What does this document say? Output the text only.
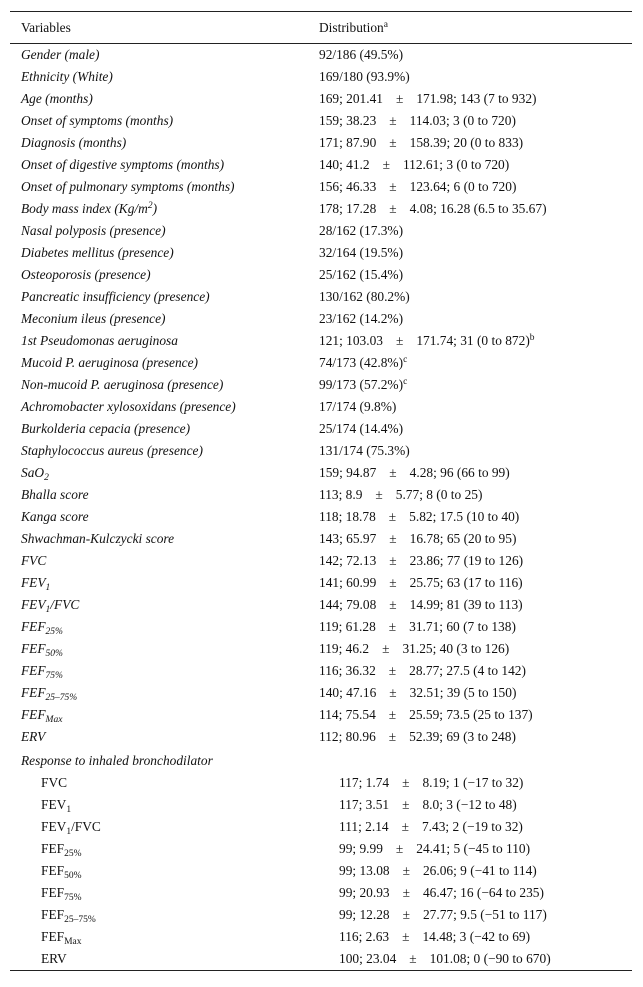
Variables	Distribution$^a$
Gender (male)	92/186 (49.5%)
Ethnicity (White)	169/180 (93.9%)
Age (months)	169; 201.41 ± 171.98; 143 (7 to 932)
Onset of symptoms (months)	159; 38.23 ± 114.03; 3 (0 to 720)
Diagnosis (months)	171; 87.90 ± 158.39; 20 (0 to 833)
Onset of digestive symptoms (months)	140; 41.2 ± 112.61; 3 (0 to 720)
Onset of pulmonary symptoms (months)	156; 46.33 ± 123.64; 6 (0 to 720)
Body mass index $(Kg/m^2)$	178; 17.28 ± 4.08; 16.28 (6.5 to 35.67)
Nasal polyposis (presence)	28/162 (17.3%)
Diabetes mellitus (presence)	32/164 (19.5%)
Osteoporosis (presence)	25/162 (15.4%)
Pancreatic insufficiency (presence)	130/162 (80.2%)
Meconium ileus (presence)	23/162 (14.2%)
1st Pseudomonas aeruginosa	121; 103.03 ± 171.74; 31 (0 to 872)$^b$
Mucoid P. aeruginosa (presence)	74/173 $(42.8\%)^c$
Non-mucoid P. aeruginosa (presence)	99/173 $(57.2\%)^c$
Achromobacter xylosoxidans (presence)	17/174 (9.8%)
Burkolderia cepacia (presence)	25/174 (14.4%)
Staphylococcus aureus (presence)	131/174 (75.3%)
SaO$_2$	159; 94.87 ± 4.28; 96 (66 to 99)
Bhalla score	113; 8.9 ± 5.77; 8 (0 to 25)
Kanga score	118; 18.78 ± 5.82; 17.5 (10 to 40)
Shwachman-Kulczycki score	143; 65.97 ± 16.78; 65 (20 to 95)
FVC	142; 72.13 ± 23.86; 77 (19 to 126)
$FEV_1$	141; 60.99 ± 25.75; 63 (17 to 116)
$FEV_1$/FVC	144; 79.08 ± 14.99; 81 (39 to 113)
$FEF_{25\%}$	119; 61.28 ± 31.71; 60 (7 to 138)
$FEF_{50\%}$	119; 46.2 ± 31.25; 40 (3 to 126)
$FEF_{75\%}$	116; 36.32 ± 28.77; 27.5 (4 to 142)
$FEF_{25-75\%}$	140; 47.16 ± 32.51; 39 (5 to 150)
$FEF_{Max}$	114; 75.54 ± 25.59; 73.5 (25 to 137)
ERV	112; 80.96 ± 52.39; 69 (3 to 248)
Response to inhaled bronchodilator
FVC	117; 1.74 ± 8.19; 1 (−17 to 32)
$FEV_1$	117; 3.51 ± 8.0; 3 (−12 to 48)
$FEV_1$/FVC	111; 2.14 ± 7.43; 2 (−19 to 32)
$FEF_{25\%}$	99; 9.99 ± 24.41; 5 (−45 to 110)
$FEF_{50\%}$	99; 13.08 ± 26.06; 9 (−41 to 114)
$FEF_{75\%}$	99; 20.93 ± 46.47; 16 (−64 to 235)
$FEF_{25-75\%}$	99; 12.28 ± 27.77; 9.5 (−51 to 117)
$FEF_{Max}$	116; 2.63 ± 14.48; 3 (−42 to 69)
ERV	100; 23.04 ± 101.08; 0 (−90 to 670)
